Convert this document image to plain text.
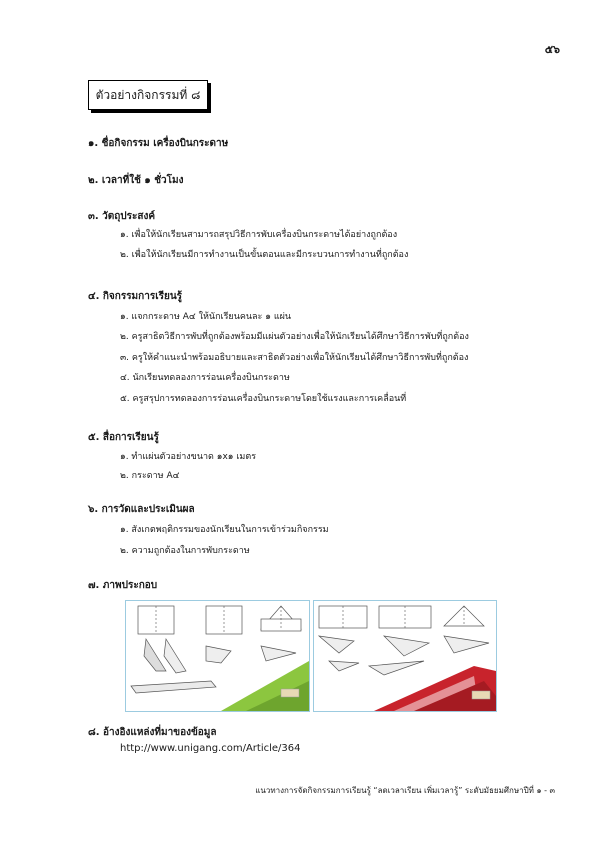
๕๖
ตัวอย่างกิจกรรมที่ ๘
๑. ชื่อกิจกรรม เครื่องบินกระดาษ
๒. เวลาที่ใช้ ๑ ชั่วโมง
๓. วัตถุประสงค์
๑. เพื่อให้นักเรียนสามารถสรุปวิธีการพับเครื่องบินกระดาษได้อย่างถูกต้อง
๒. เพื่อให้นักเรียนมีการทำงานเป็นขั้นตอนและมีกระบวนการทำงานที่ถูกต้อง
๔. กิจกรรมการเรียนรู้
๑. แจกกระดาษ A๔ ให้นักเรียนคนละ ๑ แผ่น
๒. ครูสาธิตวิธีการพับที่ถูกต้องพร้อมมีแผ่นตัวอย่างเพื่อให้นักเรียนได้ศึกษาวิธีการพับที่ถูกต้อง
๓. ครูให้คำแนะนำพร้อมอธิบายและสาธิตตัวอย่างเพื่อให้นักเรียนได้ศึกษาวิธีการพับที่ถูกต้อง
๔. นักเรียนทดลองการร่อนเครื่องบินกระดาษ
๕. ครูสรุปการทดลองการร่อนเครื่องบินกระดาษโดยใช้แรงและการเคลื่อนที่
๕. สื่อการเรียนรู้
๑. ทำแผ่นตัวอย่างขนาด ๑x๑ เมตร
๒. กระดาษ A๔
๖. การวัดและประเมินผล
๑. สังเกตพฤติกรรมของนักเรียนในการเข้าร่วมกิจกรรม
๒. ความถูกต้องในการพับกระดาษ
๗. ภาพประกอบ
๘. อ้างอิงแหล่งที่มาของข้อมูล
http://www.unigang.com/Article/364
แนวทางการจัดกิจกรรมการเรียนรู้ “ลดเวลาเรียน เพิ่มเวลารู้” ระดับมัธยมศึกษาปีที่ ๑ - ๓
